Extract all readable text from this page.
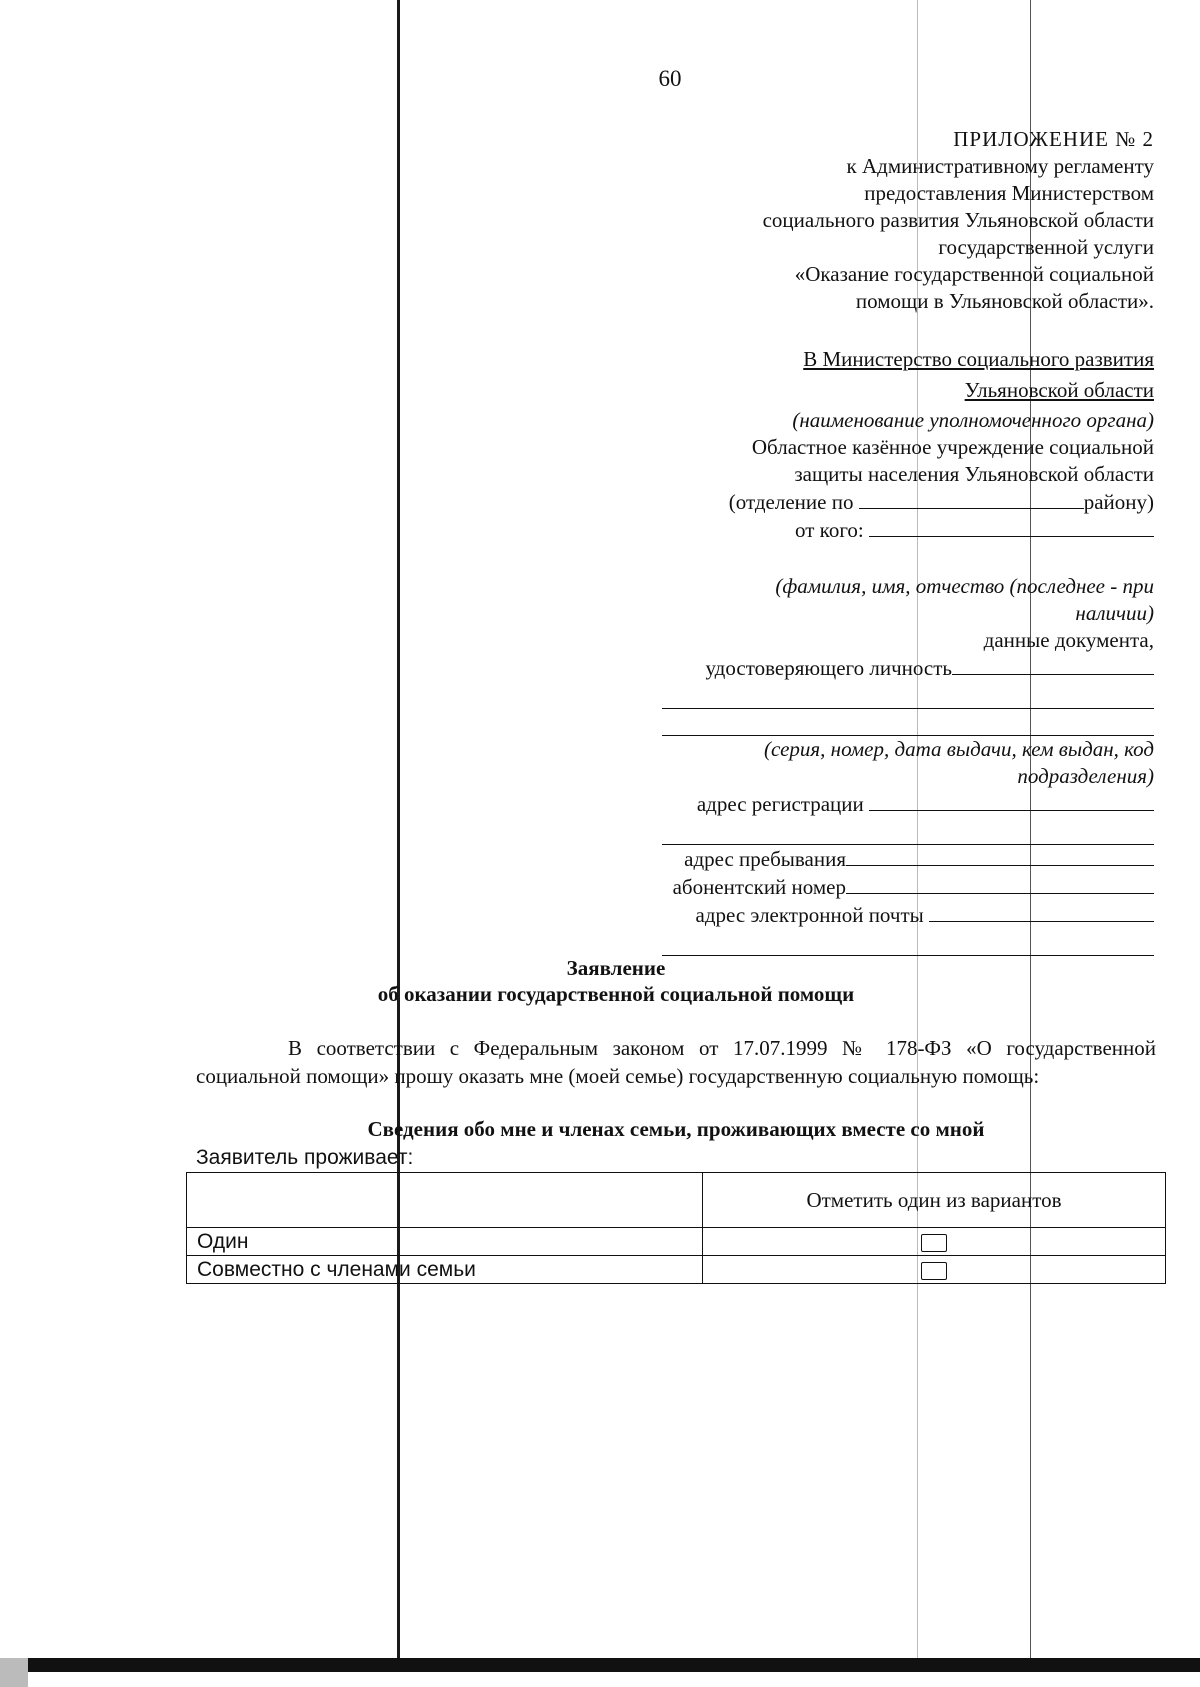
60
ПРИЛОЖЕНИЕ № 2
к Административному регламенту
предоставления Министерством
социального развития Ульяновской области
государственной услуги
«Оказание государственной социальной
помощи в Ульяновской области».
В Министерство социального развития
Ульяновской области
(наименование уполномоченного органа)
Областное казённое учреждение социальной
защиты населения Ульяновской области
(отделение по	району)
от кого:
(фамилия, имя, отчество (последнее - при
наличии)
данные документа,
удостоверяющего личность
(серия, номер, дата выдачи, кем выдан, код
подразделения)
адрес регистрации
адрес пребывания
абонентский номер
адрес электронной почты
Заявление
об оказании государственной социальной помощи
В соответствии с Федеральным законом от 17.07.1999 № 178-ФЗ «О государственной социальной помощи» прошу оказать мне (моей семье) государственную социальную помощь:
Сведения обо мне и членах семьи, проживающих вместе со мной
Заявитель проживает:
	Отметить один из вариантов
Один	
Совместно с членами семьи	
